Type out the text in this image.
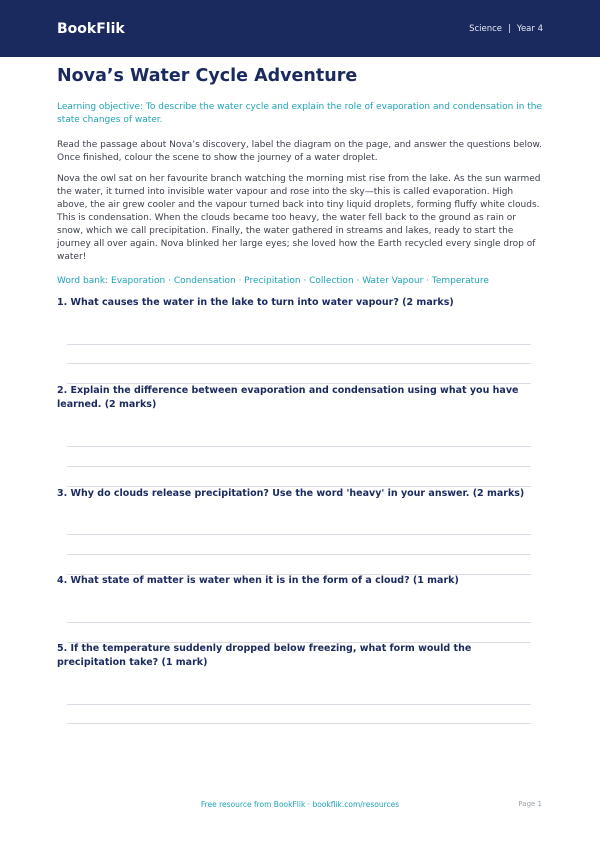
BookFlik	Science | Year 4
Nova’s Water Cycle Adventure

Learning objective: To describe the water cycle and explain the role of evaporation and condensation in the state changes of water.

Read the passage about Nova’s discovery, label the diagram on the page, and answer the questions below. Once finished, colour the scene to show the journey of a water droplet.

Nova the owl sat on her favourite branch watching the morning mist rise from the lake. As the sun warmed the water, it turned into invisible water vapour and rose into the sky—this is called evaporation. High above, the air grew cooler and the vapour turned back into tiny liquid droplets, forming fluffy white clouds. This is condensation. When the clouds became too heavy, the water fell back to the ground as rain or snow, which we call precipitation. Finally, the water gathered in streams and lakes, ready to start the journey all over again. Nova blinked her large eyes; she loved how the Earth recycled every single drop of water!

Word bank: Evaporation · Condensation · Precipitation · Collection · Water Vapour · Temperature

1. What causes the water in the lake to turn into water vapour? (2 marks)
2. Explain the difference between evaporation and condensation using what you have learned. (2 marks)
3. Why do clouds release precipitation? Use the word 'heavy' in your answer. (2 marks)
4. What state of matter is water when it is in the form of a cloud? (1 mark)
5. If the temperature suddenly dropped below freezing, what form would the precipitation take? (1 mark)
Free resource from BookFlik · bookflik.com/resources	Page 1
